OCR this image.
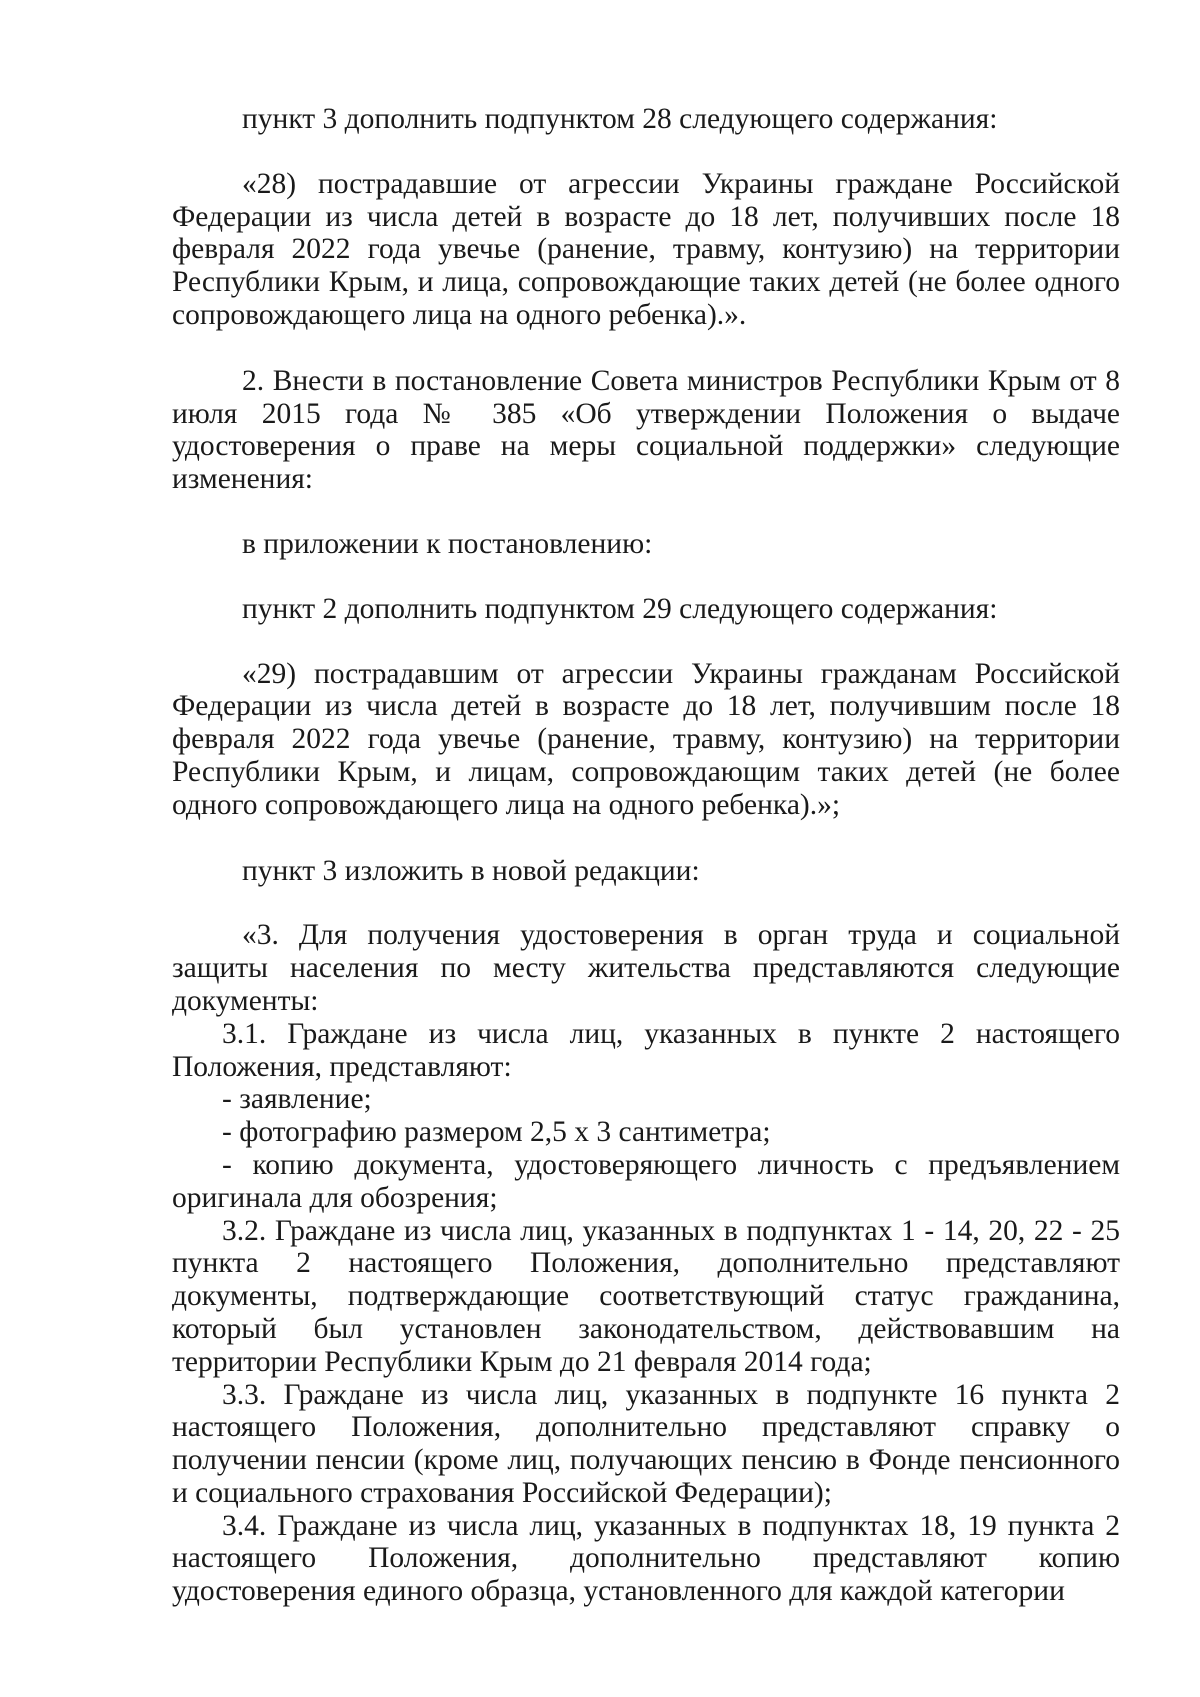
пункт 3 дополнить подпунктом 28 следующего содержания:

«28) пострадавшие от агрессии Украины граждане Российской Федерации из числа детей в возрасте до 18 лет, получивших после 18 февраля 2022 года увечье (ранение, травму, контузию) на территории Республики Крым, и лица, сопровождающие таких детей (не более одного сопровождающего лица на одного ребенка).».

2. Внести в постановление Совета министров Республики Крым от 8 июля 2015 года № 385 «Об утверждении Положения о выдаче удостоверения о праве на меры социальной поддержки» следующие изменения:

в приложении к постановлению:

пункт 2 дополнить подпунктом 29 следующего содержания:

«29) пострадавшим от агрессии Украины гражданам Российской Федерации из числа детей в возрасте до 18 лет, получившим после 18 февраля 2022 года увечье (ранение, травму, контузию) на территории Республики Крым, и лицам, сопровождающим таких детей (не более одного сопровождающего лица на одного ребенка).»;

пункт 3 изложить в новой редакции:

«3. Для получения удостоверения в орган труда и социальной защиты населения по месту жительства представляются следующие документы:

3.1. Граждане из числа лиц, указанных в пункте 2 настоящего Положения, представляют:

- заявление;

- фотографию размером 2,5 x 3 сантиметра;

- копию документа, удостоверяющего личность с предъявлением оригинала для обозрения;

3.2. Граждане из числа лиц, указанных в подпунктах 1 - 14, 20, 22 - 25 пункта 2 настоящего Положения, дополнительно представляют документы, подтверждающие соответствующий статус гражданина, который был установлен законодательством, действовавшим на территории Республики Крым до 21 февраля 2014 года;

3.3. Граждане из числа лиц, указанных в подпункте 16 пункта 2 настоящего Положения, дополнительно представляют справку о получении пенсии (кроме лиц, получающих пенсию в Фонде пенсионного и социального страхования Российской Федерации);

3.4. Граждане из числа лиц, указанных в подпунктах 18, 19 пункта 2 настоящего Положения, дополнительно представляют копию удостоверения единого образца, установленного для каждой категории
